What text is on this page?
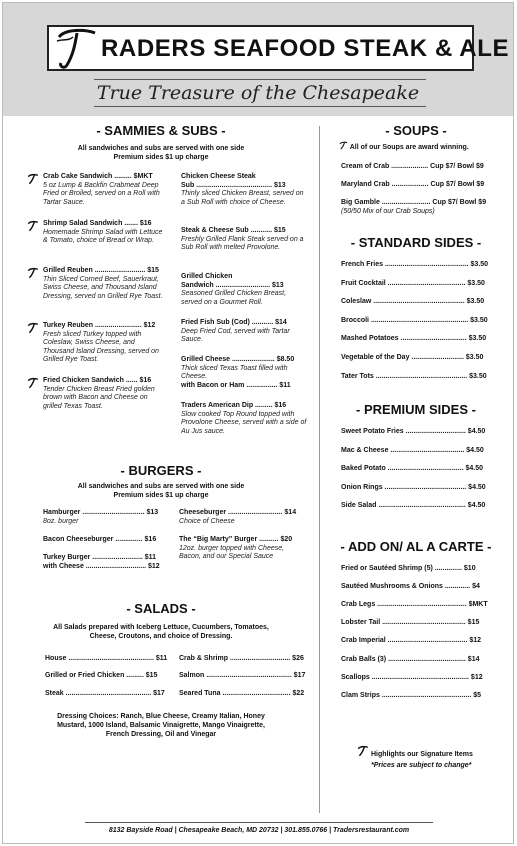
RADERS SEAFOOD STEAK & ALE
True Treasure of the Chesapeake
- SAMMIES & SUBS -
All sandwiches and subs are served with one side
Premium sides $1 up charge
Crab Cake Sandwich ......... $MKT
5 oz Lump & Backfin Crabmeat Deep Fried or Broiled, served on a Roll with Tartar Sauce.
Shrimp Salad Sandwich ....... $16
Homemade Shrimp Salad with Lettuce & Tomato, choice of Bread or Wrap.
Grilled Reuben .......................... $15
Thin Sliced Corned Beef, Sauerkraut, Swiss Cheese, and Thousand Island Dressing, served on Grilled Rye Toast.
Turkey Reuben ........................ $12
Fresh sliced Turkey topped with Coleslaw, Swiss Cheese, and Thousand Island Dressing, served on Grilled Rye Toast.
Fried Chicken Sandwich ...... $16
Tender Chicken Breast Fried golden brown with Bacon and Cheese on grilled Texas Toast.
Chicken Cheese Steak
Sub ....................................... $13
Thinly sliced Chicken Breast, served on a Sub Roll with choice of Cheese.
Steak & Cheese Sub ........... $15
Freshly Grilled Flank Steak served on a Sub Roll with melted Provolone.
Grilled Chicken
Sandwich ............................ $13
Seasoned Grilled Chicken Breast, served on a Gourmet Roll.
Fried Fish Sub (Cod) ........... $14
Deep Fried Cod, served with Tartar Sauce.
Grilled Cheese ...................... $8.50
Thick sliced Texas Toast filled with Cheese.
with Bacon or Ham ................ $11
Traders American Dip ......... $16
Slow cooked Top Round topped with Provolone Cheese, served with a side of Au Jus sauce.
- BURGERS -
All sandwiches and subs are served with one side
Premium sides $1 up charge
Hamburger ................................ $13
8oz. burger
Bacon Cheeseburger .............. $16
Turkey Burger .......................... $11
with Cheese ............................... $12
Cheeseburger ............................ $14
Choice of Cheese
The “Big Marty” Burger .......... $20
12oz. burger topped with Cheese, Bacon, and our Special Sauce
- SALADS -
All Salads prepared with Iceberg Lettuce, Cucumbers, Tomatoes,
Cheese, Croutons, and choice of Dressing.
House ............................................ $11
Grilled or Fried Chicken ......... $15
Steak ............................................ $17
Crab & Shrimp ............................... $26
Salmon ............................................ $17
Seared Tuna ................................... $22
Dressing Choices: Ranch, Blue Cheese, Creamy Italian, Honey
Mustard, 1000 Island, Balsamic Vinaigrette, Mango Vinaigrette,
French Dressing, Oil and Vinegar
- SOUPS -
All of our Soups are award winning.
Cream of Crab ................... Cup $7/ Bowl $9
Maryland Crab ................... Cup $7/ Bowl $9
Big Gamble ......................... Cup $7/ Bowl $9
(50/50 Mix of our Crab Soups)
- STANDARD SIDES -
French Fries ........................................... $3.50
Fruit Cocktail ........................................ $3.50
Coleslaw ............................................... $3.50
Broccoli .................................................. $3.50
Mashed Potatoes .................................. $3.50
Vegetable of the Day ........................... $3.50
Tater Tots ............................................... $3.50
- PREMIUM SIDES -
Sweet Potato Fries ............................... $4.50
Mac & Cheese ...................................... $4.50
Baked Potato ....................................... $4.50
Onion Rings .......................................... $4.50
Side Salad ............................................. $4.50
- ADD ON/ AL A CARTE -
Fried or Sautéed Shrimp (5) .............. $10
Sautéed Mushrooms & Onions ............. $4
Crab Legs .............................................. $MKT
Lobster Tail ........................................... $15
Crab Imperial ......................................... $12
Crab Balls (3) ........................................ $14
Scallops .................................................. $12
Clam Strips .............................................. $5
Highlights our Signature Items
*Prices are subject to change*
8132 Bayside Road | Chesapeake Beach, MD 20732 | 301.855.0766 | Tradersrestaurant.com
